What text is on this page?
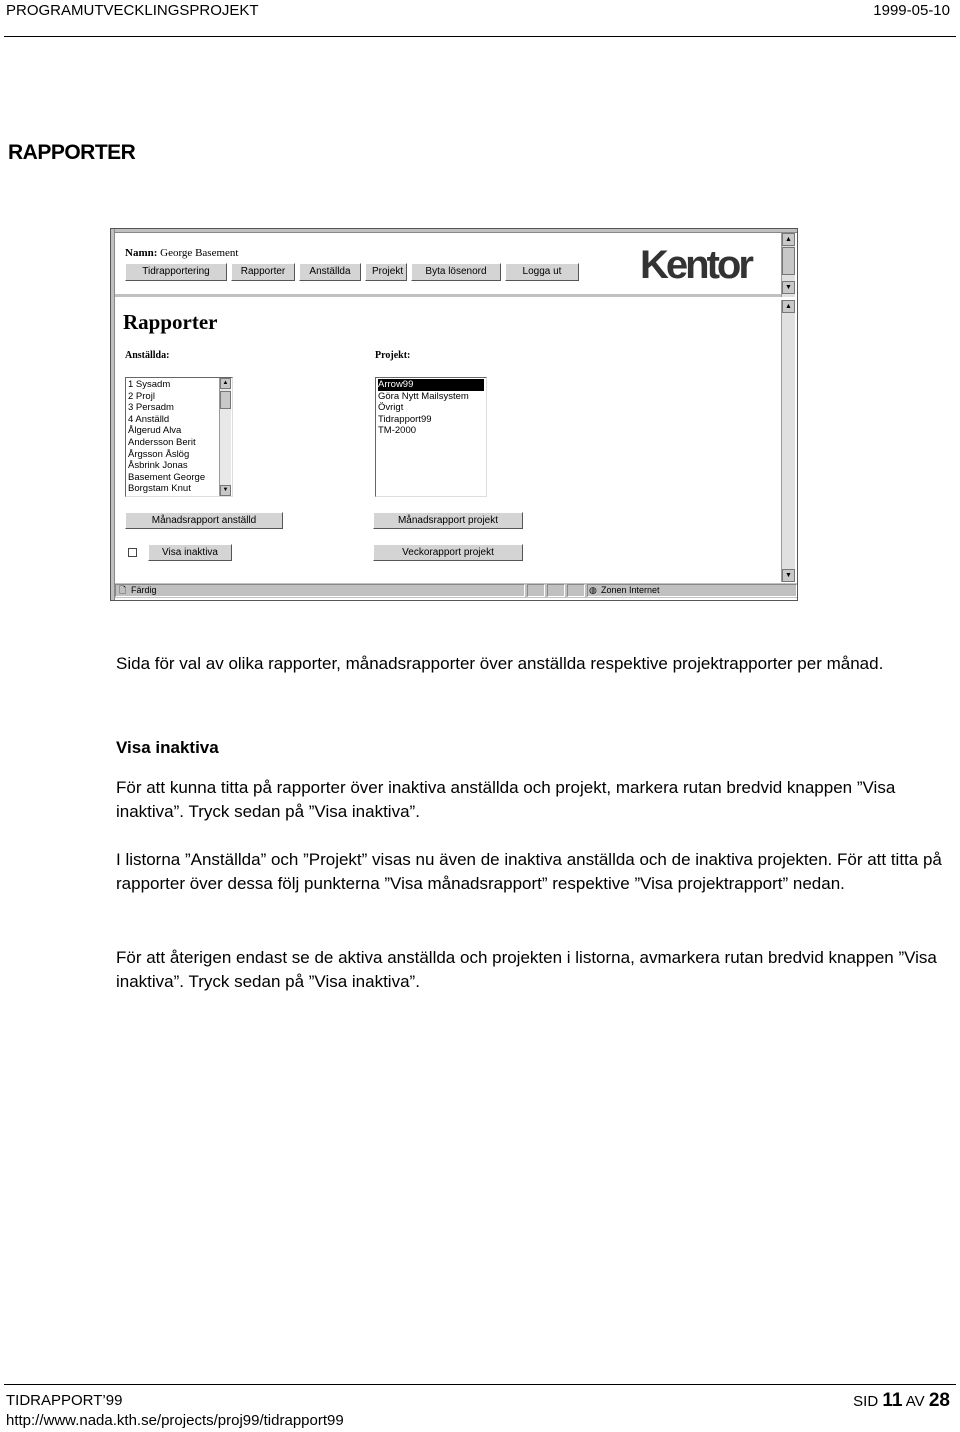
PROGRAMUTVECKLINGSPROJEKT	1999-05-10
RAPPORTER
Namn: George Basement
Tidrapportering	Rapporter	Anställda	Projekt	Byta lösenord	Logga ut	Kentor
▲
▼
Rapporter
Anställda:	Projekt:
1 Sysadm
2 Projl
3 Persadm
4 Anställd
Ålgerud Alva
Andersson Berit
Årgsson Åslög
Åsbrink Jonas
Basement George
Borgstam Knut
▲
▼
Arrow99
Göra Nytt Mailsystem
Övrigt
Tidrapport99
TM-2000
Månadsrapport anställd	Månadsrapport projekt
Visa inaktiva	Veckorapport projekt
▲
▼
🗋 Färdig	◍ Zonen Internet
Sida för val av olika rapporter, månadsrapporter över anställda respektive projektrapporter per månad.
Visa inaktiva
För att kunna titta på rapporter över inaktiva anställda och projekt, markera rutan bredvid knappen ”Visa inaktiva”. Tryck sedan på ”Visa inaktiva”.
I listorna ”Anställda” och ”Projekt” visas nu även de inaktiva anställda och de inaktiva projekten. För att titta på rapporter över dessa följ punkterna ”Visa månadsrapport” respektive ”Visa projektrapport” nedan.
För att återigen endast se de aktiva anställda och projekten i listorna, avmarkera rutan bredvid knappen ”Visa inaktiva”. Tryck sedan på ”Visa inaktiva”.
TIDRAPPORT’99	SID 11 AV 28
http://www.nada.kth.se/projects/proj99/tidrapport99
